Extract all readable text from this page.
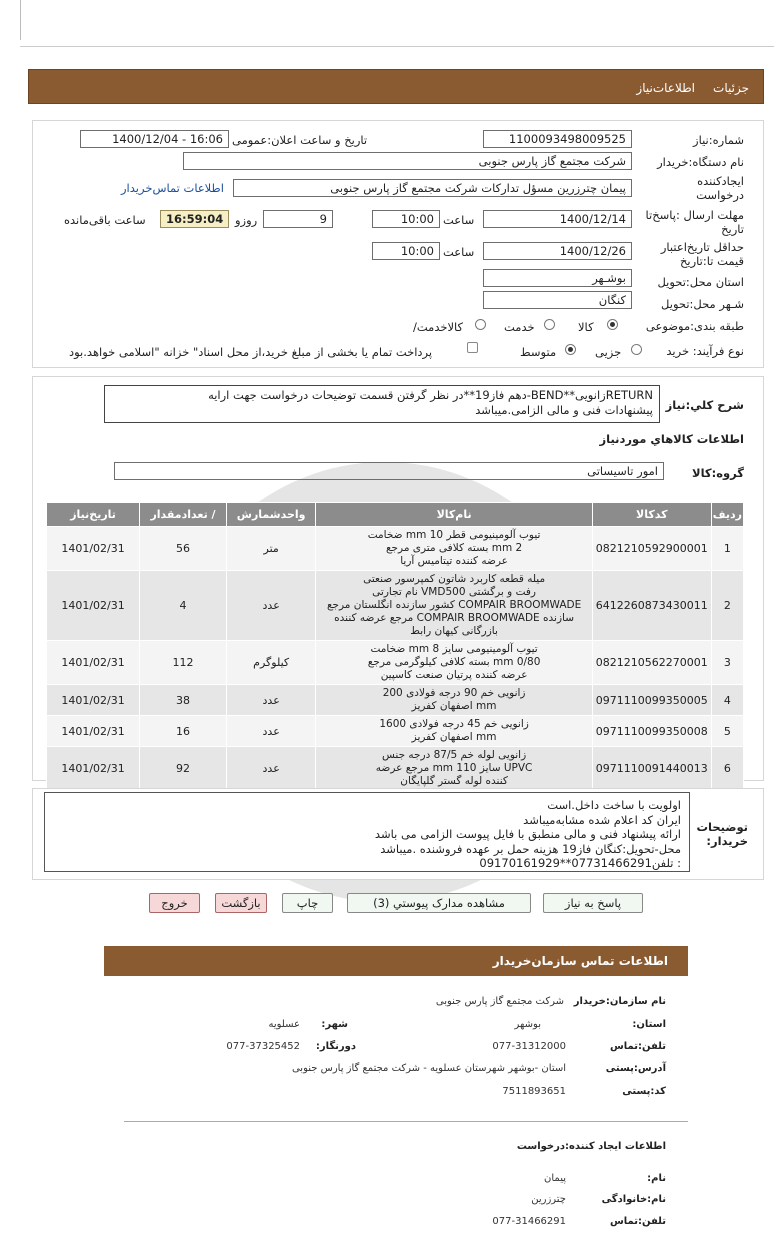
جزئیات
اطلاعات‌نیاز
شماره:نیاز
1100093498009525
تاریخ و ساعت اعلان:عمومی
1400/12/04 - 16:06
نام دستگاه:خریدار
شرکت مجتمع گاز پارس جنوبی
ایجادکننده
درخواست
پیمان چترزرین مسؤل تدارکات شرکت مجتمع گاز پارس جنوبی
اطلاعات تماس‌خریدار
مهلت ارسال :پاسخ‌تا
تاریخ
1400/12/14
ساعت
10:00
9
روزو
16:59:04
ساعت باقی‌مانده
حداقل تاریخ‌اعتبار
قیمت تا:تاریخ
1400/12/26
ساعت
10:00
استان محل:تحویل
بوشـهر
شـهر محل:تحویل
کنگان
طبقه بندی:موضوعی
کالا
خدمت
/کالاخدمت
نوع فرآیند: خرید
جزیی
متوسط
پرداخت تمام یا بخشی از مبلغ خرید،از محل اسناد" خزانه "اسلامی خواهد.بود
شرح كلي:نياز
RETURNزانویی**BEND-دهم فاز19**در نظر گرفتن قسمت توضیحات درخواست جهت ارایه
پیشنهادات فنی و مالی الزامی.میباشد
اطلاعات كالاهاي موردنياز
گروه:کالا
امور تاسیساتی
ردیف	کدکالا	نام‌کالا	واحدشمارش	/ تعدادمقدار	تاریخ‌نیاز
1	0821210592900001	تیوب آلومینیومی قطر 10 mm ضخامت
2 mm بسته کلافی متری مرجع
عرضه کننده تیتامیس آریا	متر	56	1401/02/31
2	6412260873430011	میله قطعه کاربرد شاتون کمپرسور صنعتی
رفت و برگشتی VMD500 نام تجارتی
COMPAIR BROOMWADE کشور سازنده انگلستان مرجع
سازنده COMPAIR BROOMWADE مرجع عرضه کننده
بازرگانی کیهان رابط	عدد	4	1401/02/31
3	0821210562270001	تیوب آلومینیومی سایز 8 mm ضخامت
0/80 mm بسته کلافی کیلوگرمی مرجع
عرضه کننده پرتیان صنعت کاسپین	کیلوگرم	112	1401/02/31
4	0971110099350005	زانویی خم 90 درجه فولادی 200
mm اصفهان کفریز	عدد	38	1401/02/31
5	0971110099350008	زانویی خم 45 درجه فولادی 1600
mm اصفهان کفریز	عدد	16	1401/02/31
6	0971110091440013	زانویی لوله خم 87/5 درجه جنس
UPVC سایز 110 mm مرجع عرضه
کننده لوله گستر گلپایگان	عدد	92	1401/02/31
توضیحات
:خریدار
اولویت با ساخت داخل.است
ایران کد اعلام شده مشابه‌میباشد
ارائه پیشنهاد فنی و مالی منطبق با فایل پیوست الزامی می باشد
محل-تحویل:کنگان فاز19 هزینه حمل بر عهده فروشنده .میباشد
: تلفن07731466291**09170161929
پاسخ به نیاز
مشاهده مدارک پیوستي (3)
چاپ
بازگشت
خروج
اطلاعات تماس سازمان‌خریدار
نام سازمان:خریدار
شرکت مجتمع گاز پارس جنوبی
:استان
بوشهر
:شهر
عسلویه
تلفن:تماس
077-31312000
:دورنگار
077-37325452
آدرس:پستی
استان -بوشهر شهرستان عسلویه - شرکت مجتمع گاز پارس جنوبی
کد:پستی
7511893651
اطلاعات ایجاد کننده:درخواست
:نام
پیمان
نام:خانوادگی
چترزرین
تلفن:تماس
077-31466291
